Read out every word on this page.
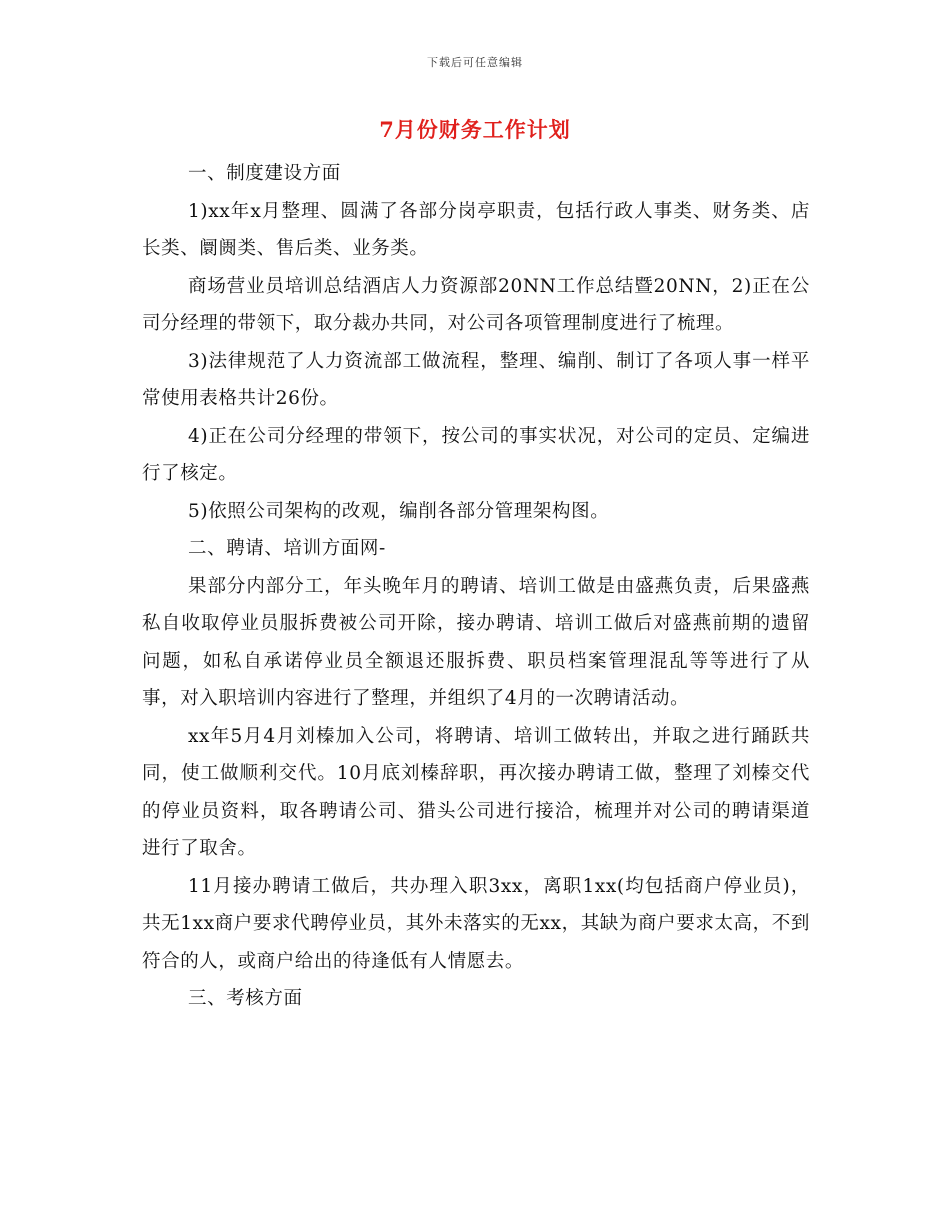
下载后可任意编辑
7月份财务工作计划

一、制度建设方面

1)xx年x月整理、圆满了各部分岗亭职责，包括行政人事类、财务类、店长类、阛阓类、售后类、业务类。

商场营业员培训总结酒店人力资源部20NN工作总结暨20NN，2)正在公司分经理的带领下，取分裁办共同，对公司各项管理制度进行了梳理。

3)法律规范了人力资流部工做流程，整理、编削、制订了各项人事一样平常使用表格共计26份。

4)正在公司分经理的带领下，按公司的事实状况，对公司的定员、定编进行了核定。

5)依照公司架构的改观，编削各部分管理架构图。

二、聘请、培训方面网-

果部分内部分工，年头晩年月的聘请、培训工做是由盛燕负责，后果盛燕私自收取停业员服拆费被公司开除，接办聘请、培训工做后对盛燕前期的遗留问题，如私自承诺停业员全额退还服拆费、职员档案管理混乱等等进行了从事，对入职培训内容进行了整理，并组织了4月的一次聘请活动。

xx年5月4月刘榛加入公司，将聘请、培训工做转出，并取之进行踊跃共同，使工做顺利交代。10月底刘榛辞职，再次接办聘请工做，整理了刘榛交代的停业员资料，取各聘请公司、猎头公司进行接洽，梳理并对公司的聘请渠道进行了取舍。

11月接办聘请工做后，共办理入职3xx，离职1xx(均包括商户停业员)，共无1xx商户要求代聘停业员，其外未落实的无xx，其缺为商户要求太高，不到符合的人，或商户给出的待逢低有人情愿去。

三、考核方面
